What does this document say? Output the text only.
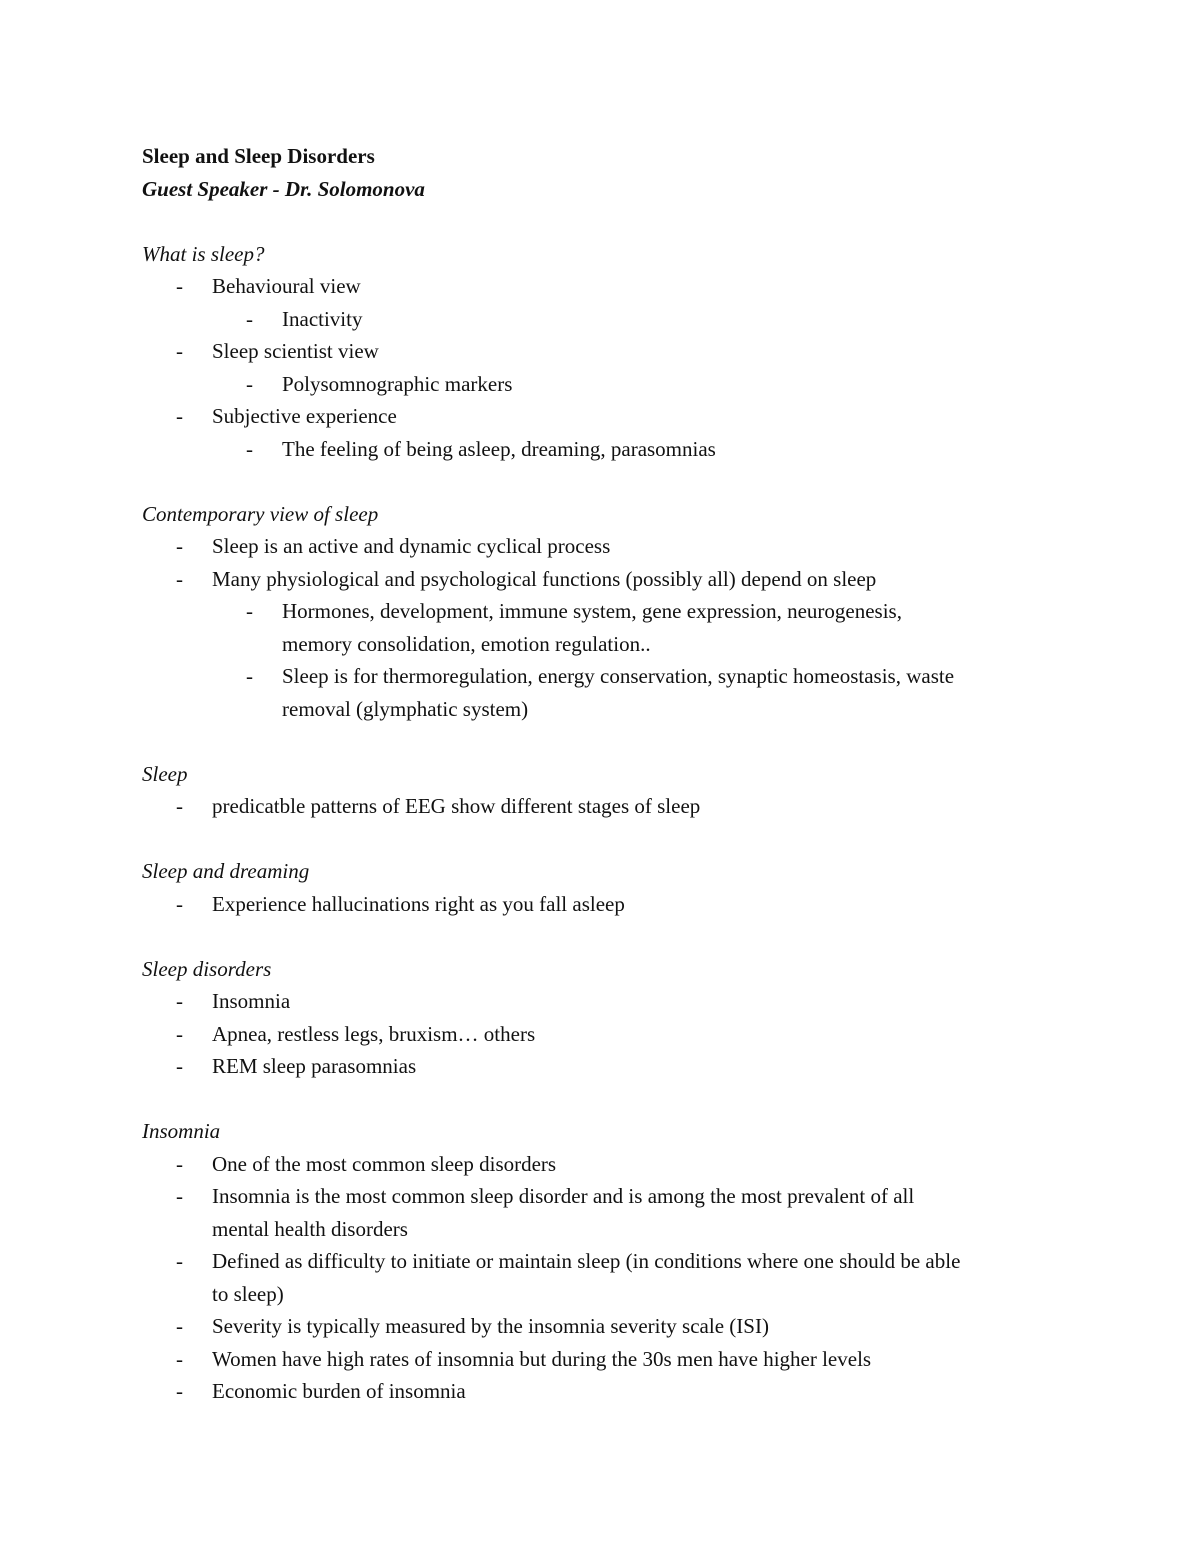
Sleep and Sleep Disorders

Guest Speaker - Dr. Solomonova

What is sleep?

-	Behavioural view
-	Inactivity
-	Sleep scientist view
-	Polysomnographic markers
-	Subjective experience
-	The feeling of being asleep, dreaming, parasomnias

Contemporary view of sleep

-	Sleep is an active and dynamic cyclical process
-	Many physiological and psychological functions (possibly all) depend on sleep
-	Hormones, development, immune system, gene expression, neurogenesis,
memory consolidation, emotion regulation..
-	Sleep is for thermoregulation, energy conservation, synaptic homeostasis, waste
removal (glymphatic system)

Sleep

-	predicatble patterns of EEG show different stages of sleep

Sleep and dreaming

-	Experience hallucinations right as you fall asleep

Sleep disorders

-	Insomnia
-	Apnea, restless legs, bruxism… others
-	REM sleep parasomnias

Insomnia

-	One of the most common sleep disorders
-	Insomnia is the most common sleep disorder and is among the most prevalent of all
mental health disorders
-	Defined as difficulty to initiate or maintain sleep (in conditions where one should be able
to sleep)
-	Severity is typically measured by the insomnia severity scale (ISI)
-	Women have high rates of insomnia but during the 30s men have higher levels
-	Economic burden of insomnia
